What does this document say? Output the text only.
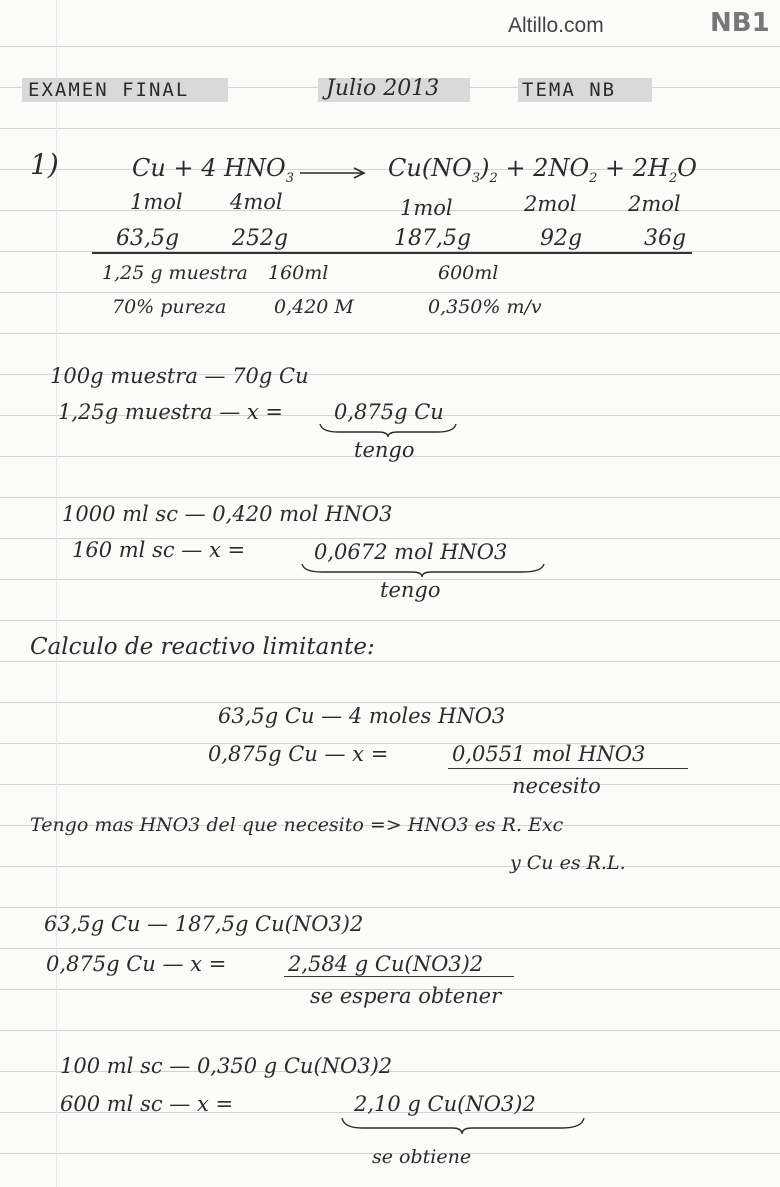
Altillo.com	NB1
EXAMEN FINAL	Julio 2013	TEMA NB
1)	Cu + 4 $HNO_3$	$Cu(NO_3)_2 + 2NO_2 + 2H_2O$
1mol 4mol	1mol	2mol 2mol
63,5g 252g	187,5g	92g	36g
1,25 g muestra 160ml	600ml
70% pureza	0,420 M	0,350% m/v
100g muestra — 70g Cu
1,25g muestra — x = 0,875g Cu
tengo
1000 ml sc — 0,420 mol HNO3
160 ml sc — x =	0,0672 mol HNO3
tengo
Calculo de reactivo limitante:
63,5g Cu — 4 moles HNO3
0,875g Cu — x =	0,0551 mol HNO3
necesito
Tengo mas HNO3 del que necesito => HNO3 es R. Exc
y Cu es R.L.
63,5g Cu — 187,5g Cu(NO3)2
0,875g Cu — x =	2,584 g Cu(NO3)2
se espera obtener
100 ml sc — 0,350 g Cu(NO3)2
600 ml sc — x =	2,10 g Cu(NO3)2
se obtiene
